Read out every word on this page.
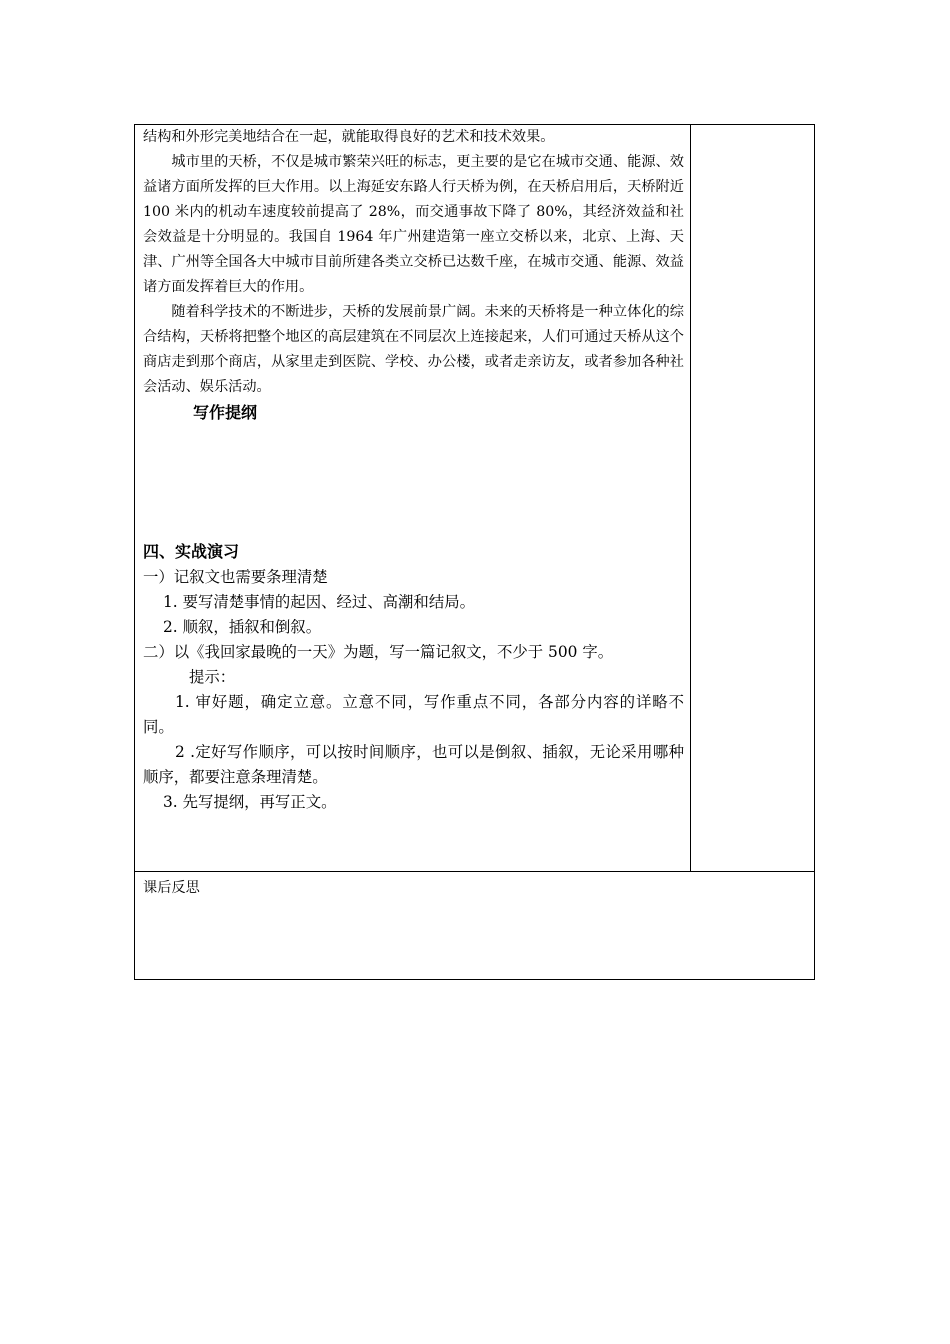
结构和外形完美地结合在一起，就能取得良好的艺术和技术效果。

城市里的天桥，不仅是城市繁荣兴旺的标志，更主要的是它在城市交通、能源、效益诸方面所发挥的巨大作用。以上海延安东路人行天桥为例，在天桥启用后，天桥附近 100 米内的机动车速度较前提高了 28%，而交通事故下降了 80%，其经济效益和社会效益是十分明显的。我国自 1964 年广州建造第一座立交桥以来，北京、上海、天津、广州等全国各大中城市目前所建各类立交桥已达数千座，在城市交通、能源、效益诸方面发挥着巨大的作用。

随着科学技术的不断进步，天桥的发展前景广阔。未来的天桥将是一种立体化的综合结构，天桥将把整个地区的高层建筑在不同层次上连接起来，人们可通过天桥从这个商店走到那个商店，从家里走到医院、学校、办公楼，或者走亲访友，或者参加各种社会活动、娱乐活动。

写作提纲

四、实战演习

一）记叙文也需要条理清楚

1. 要写清楚事情的起因、经过、高潮和结局。

2. 顺叙，插叙和倒叙。

二）以《我回家最晚的一天》为题，写一篇记叙文，不少于 500 字。

提示：

1. 审好题，确定立意。立意不同，写作重点不同，各部分内容的详略不同。

2 .定好写作顺序，可以按时间顺序，也可以是倒叙、插叙，无论采用哪种顺序，都要注意条理清楚。

3. 先写提纲，再写正文。

课后反思
